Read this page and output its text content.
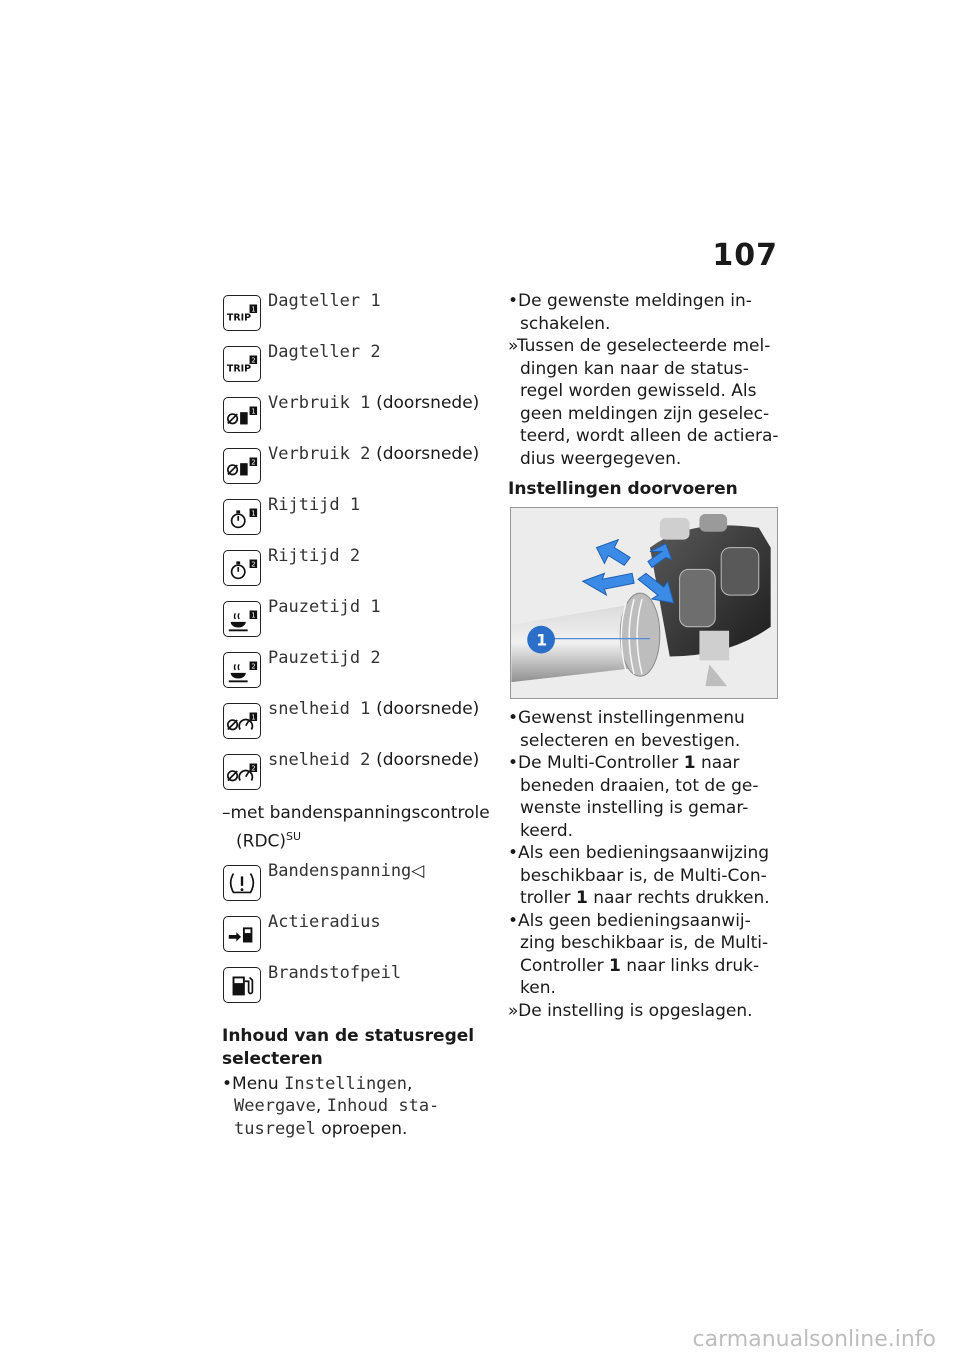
107
TRIP
1 Dagteller 1
TRIP
2 Dagteller 2
1 Verbruik 1 (doorsnede)
2 Verbruik 2 (doorsnede)
1 Rijtijd 1
2 Rijtijd 2
1 Pauzetijd 1
2 Pauzetijd 2
1 snelheid 1 (doorsnede)
2 snelheid 2 (doorsnede)
–met bandenspanningscontrole (RDC)$^{SU}$
Bandenspanning◁
Actieradius
Brandstofpeil
Inhoud van de statusregel selecteren

•Menu Instellingen, Weergave, Inhoud sta-tusregel oproepen.

•De gewenste meldingen in-schakelen.

»Tussen de geselecteerde mel-dingen kan naar de status-regel worden gewisseld. Als geen meldingen zijn geselec-teerd, wordt alleen de actiera-dius weergegeven.

Instellingen doorvoeren
1

•Gewenst instellingenmenu selecteren en bevestigen.

•De Multi-Controller 1 naar beneden draaien, tot de ge-wenste instelling is gemar-keerd.

•Als een bedieningsaanwijzing beschikbaar is, de Multi-Con-troller 1 naar rechts drukken.

•Als geen bedieningsaanwij-zing beschikbaar is, de Multi-Controller 1 naar links druk-ken.

»De instelling is opgeslagen.

carmanualsonline.info
